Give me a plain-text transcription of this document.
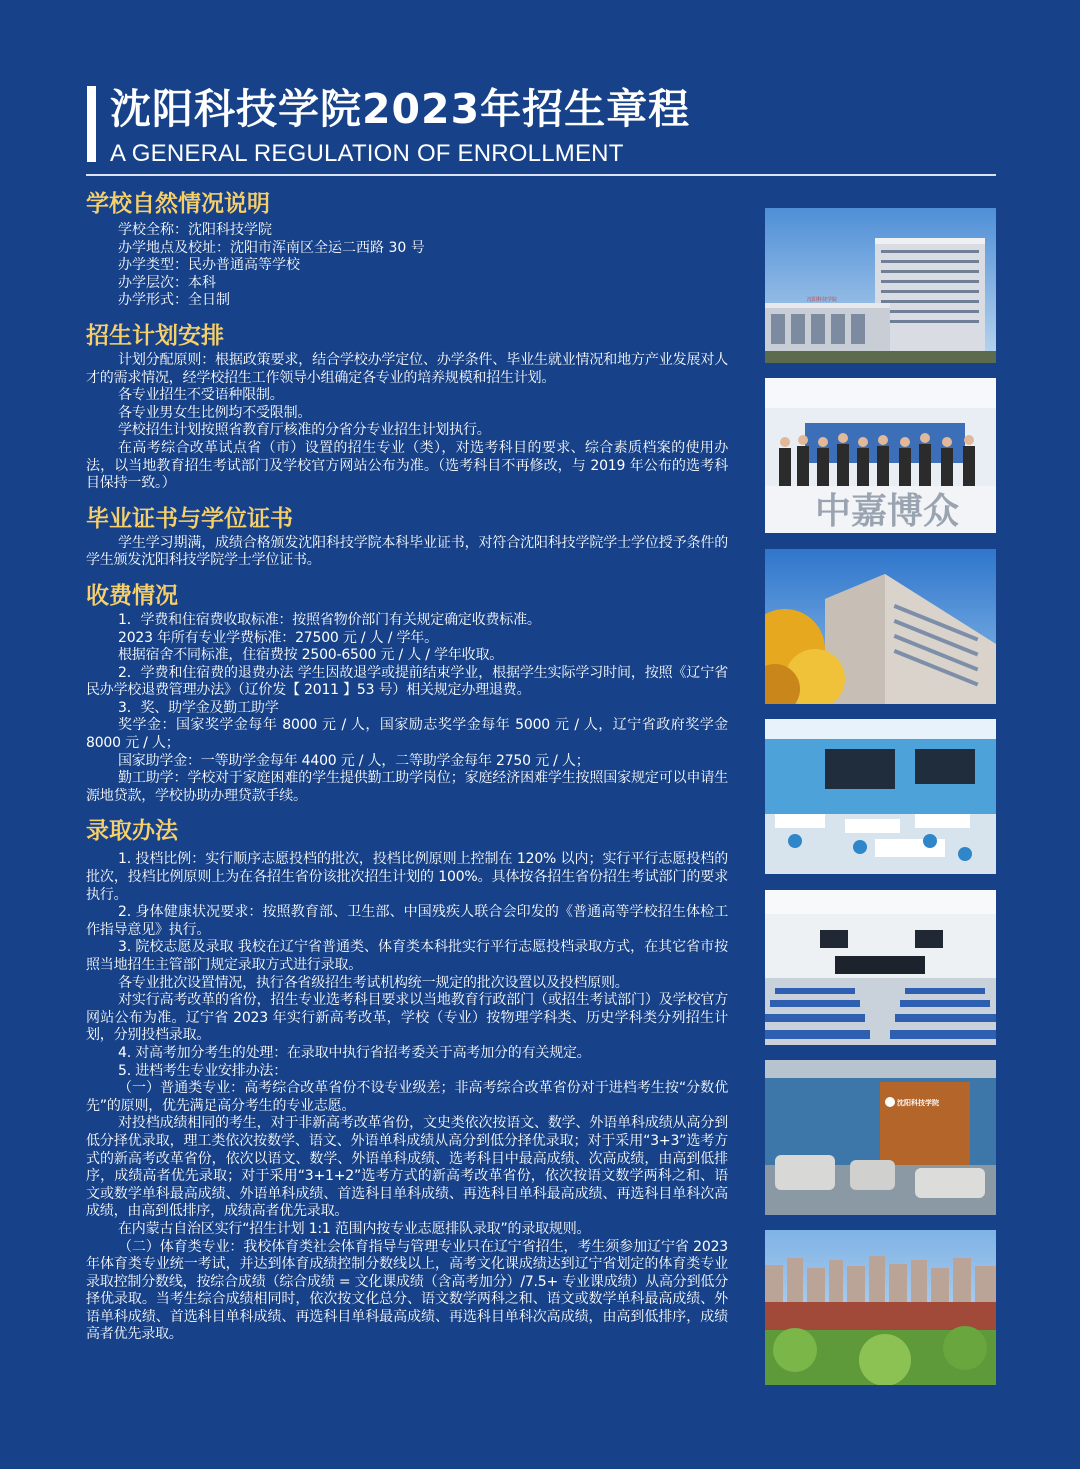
沈阳科技学院2023年招生章程
A GENERAL REGULATION OF ENROLLMENT
学校自然情况说明

学校全称：沈阳科技学院

办学地点及校址：沈阳市浑南区全运二西路 30 号

办学类型：民办普通高等学校

办学层次：本科

办学形式：全日制

招生计划安排

计划分配原则：根据政策要求，结合学校办学定位、办学条件、毕业生就业情况和地方产业发展对人才的需求情况，经学校招生工作领导小组确定各专业的培养规模和招生计划。

各专业招生不受语种限制。

各专业男女生比例均不受限制。

学校招生计划按照省教育厅核准的分省分专业招生计划执行。

在高考综合改革试点省（市）设置的招生专业（类），对选考科目的要求、综合素质档案的使用办法，以当地教育招生考试部门及学校官方网站公布为准。（选考科目不再修改，与 2019 年公布的选考科目保持一致。）

毕业证书与学位证书

学生学习期满，成绩合格颁发沈阳科技学院本科毕业证书，对符合沈阳科技学院学士学位授予条件的学生颁发沈阳科技学院学士学位证书。

收费情况

1．学费和住宿费收取标准：按照省物价部门有关规定确定收费标准。

2023 年所有专业学费标准：27500 元 / 人 / 学年。

根据宿舍不同标准，住宿费按 2500-6500 元 / 人 / 学年收取。

2．学费和住宿费的退费办法 学生因故退学或提前结束学业，根据学生实际学习时间，按照《辽宁省民办学校退费管理办法》（辽价发【 2011 】53 号）相关规定办理退费。

3．奖、助学金及勤工助学

奖学金：国家奖学金每年 8000 元 / 人，国家励志奖学金每年 5000 元 / 人，辽宁省政府奖学金 8000 元 / 人；

国家助学金：一等助学金每年 4400 元 / 人，二等助学金每年 2750 元 / 人；

勤工助学：学校对于家庭困难的学生提供勤工助学岗位；家庭经济困难学生按照国家规定可以申请生源地贷款，学校协助办理贷款手续。

录取办法

1. 投档比例：实行顺序志愿投档的批次，投档比例原则上控制在 120% 以内；实行平行志愿投档的批次，投档比例原则上为在各招生省份该批次招生计划的 100%。具体按各招生省份招生考试部门的要求执行。

2. 身体健康状况要求：按照教育部、卫生部、中国残疾人联合会印发的《普通高等学校招生体检工作指导意见》执行。

3. 院校志愿及录取 我校在辽宁省普通类、体育类本科批实行平行志愿投档录取方式，在其它省市按照当地招生主管部门规定录取方式进行录取。

各专业批次设置情况，执行各省级招生考试机构统一规定的批次设置以及投档原则。

对实行高考改革的省份，招生专业选考科目要求以当地教育行政部门（或招生考试部门）及学校官方网站公布为准。辽宁省 2023 年实行新高考改革，学校（专业）按物理学科类、历史学科类分列招生计划，分别投档录取。

4. 对高考加分考生的处理：在录取中执行省招考委关于高考加分的有关规定。

5. 进档考生专业安排办法：

（一）普通类专业：高考综合改革省份不设专业级差；非高考综合改革省份对于进档考生按“分数优先”的原则，优先满足高分考生的专业志愿。

对投档成绩相同的考生，对于非新高考改革省份，文史类依次按语文、数学、外语单科成绩从高分到低分择优录取，理工类依次按数学、语文、外语单科成绩从高分到低分择优录取；对于采用“3+3”选考方式的新高考改革省份，依次以语文、数学、外语单科成绩、选考科目中最高成绩、次高成绩，由高到低排序，成绩高者优先录取；对于采用“3+1+2”选考方式的新高考改革省份，依次按语文数学两科之和、语文或数学单科最高成绩、外语单科成绩、首选科目单科成绩、再选科目单科最高成绩、再选科目单科次高成绩，由高到低排序，成绩高者优先录取。

在内蒙古自治区实行“招生计划 1:1 范围内按专业志愿排队录取”的录取规则。

（二）体育类专业：我校体育类社会体育指导与管理专业只在辽宁省招生，考生须参加辽宁省 2023 年体育类专业统一考试，并达到体育成绩控制分数线以上，高考文化课成绩达到辽宁省划定的体育类专业录取控制分数线，按综合成绩（综合成绩 = 文化课成绩（含高考加分）/7.5+ 专业课成绩）从高分到低分择优录取。当考生综合成绩相同时，依次按文化总分、语文数学两科之和、语文或数学单科最高成绩、外语单科成绩、首选科目单科成绩、再选科目单科最高成绩、再选科目单科次高成绩，由高到低排序，成绩高者优先录取。

沈阳科技学院
中嘉博众
沈阳科技学院
